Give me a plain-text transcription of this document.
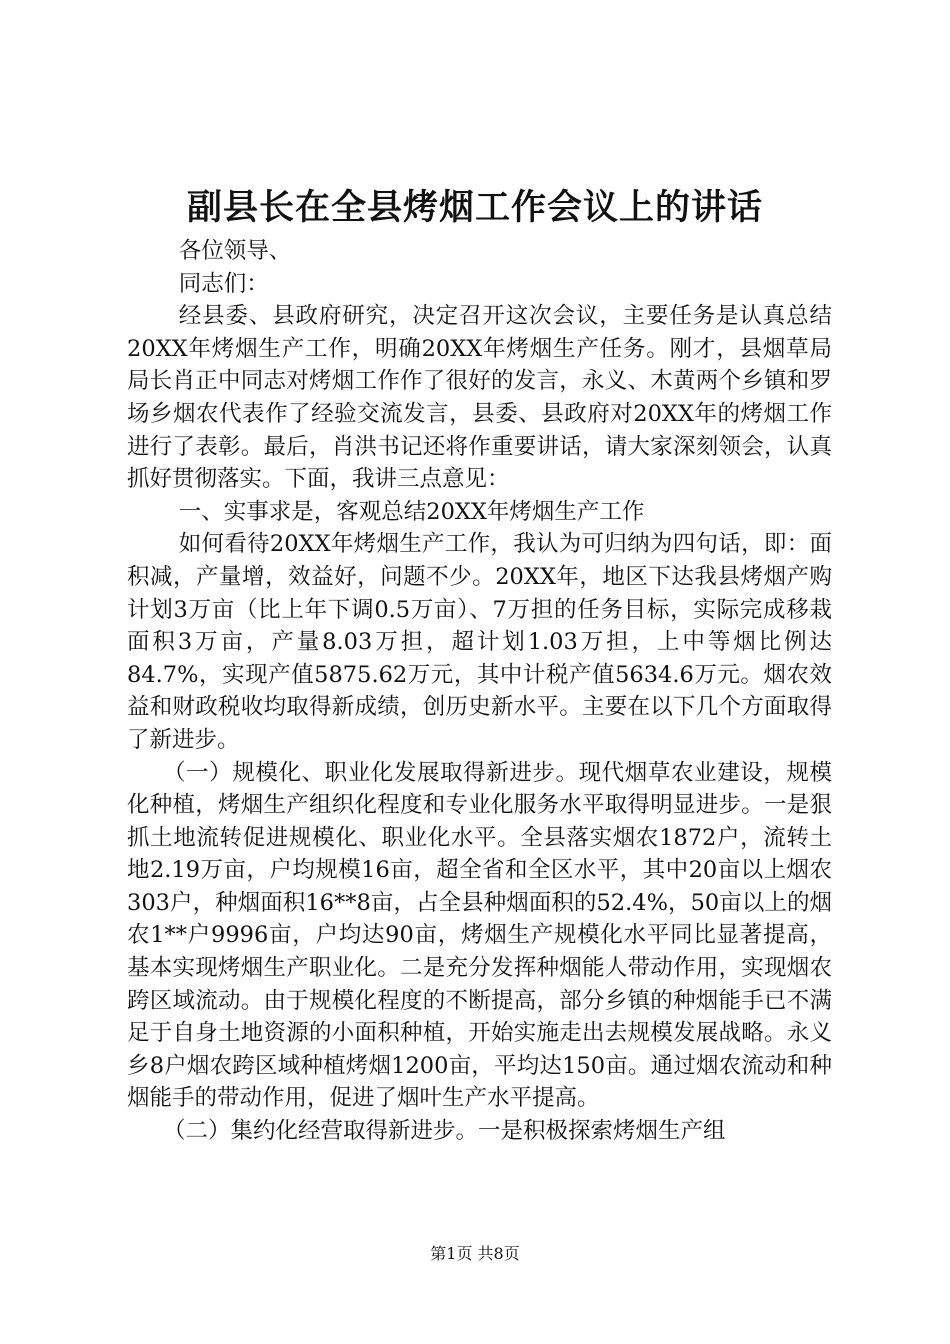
副县长在全县烤烟工作会议上的讲话

各位领导、

同志们：

经县委、县政府研究，决定召开这次会议，主要任务是认真总结20XX年烤烟生产工作，明确20XX年烤烟生产任务。刚才，县烟草局局长肖正中同志对烤烟工作作了很好的发言，永义、木黄两个乡镇和罗场乡烟农代表作了经验交流发言，县委、县政府对20XX年的烤烟工作进行了表彰。最后，肖洪书记还将作重要讲话，请大家深刻领会，认真抓好贯彻落实。下面，我讲三点意见：

一、实事求是，客观总结20XX年烤烟生产工作

如何看待20XX年烤烟生产工作，我认为可归纳为四句话，即：面积减，产量增，效益好，问题不少。20XX年，地区下达我县烤烟产购计划3万亩（比上年下调0.5万亩）、7万担的任务目标，实际完成移栽面积3万亩，产量8.03万担，超计划1.03万担，上中等烟比例达84.7%，实现产值5875.62万元，其中计税产值5634.6万元。烟农效益和财政税收均取得新成绩，创历史新水平。主要在以下几个方面取得了新进步。

（一）规模化、职业化发展取得新进步。现代烟草农业建设，规模化种植，烤烟生产组织化程度和专业化服务水平取得明显进步。一是狠抓土地流转促进规模化、职业化水平。全县落实烟农1872户，流转土地2.19万亩，户均规模16亩，超全省和全区水平，其中20亩以上烟农303户，种烟面积16**8亩，占全县种烟面积的52.4%，50亩以上的烟农1**户9996亩，户均达90亩，烤烟生产规模化水平同比显著提高，基本实现烤烟生产职业化。二是充分发挥种烟能人带动作用，实现烟农跨区域流动。由于规模化程度的不断提高，部分乡镇的种烟能手已不满足于自身土地资源的小面积种植，开始实施走出去规模发展战略。永义乡8户烟农跨区域种植烤烟1200亩，平均达150亩。通过烟农流动和种烟能手的带动作用，促进了烟叶生产水平提高。

（二）集约化经营取得新进步。一是积极探索烤烟生产组

第1页 共8页
